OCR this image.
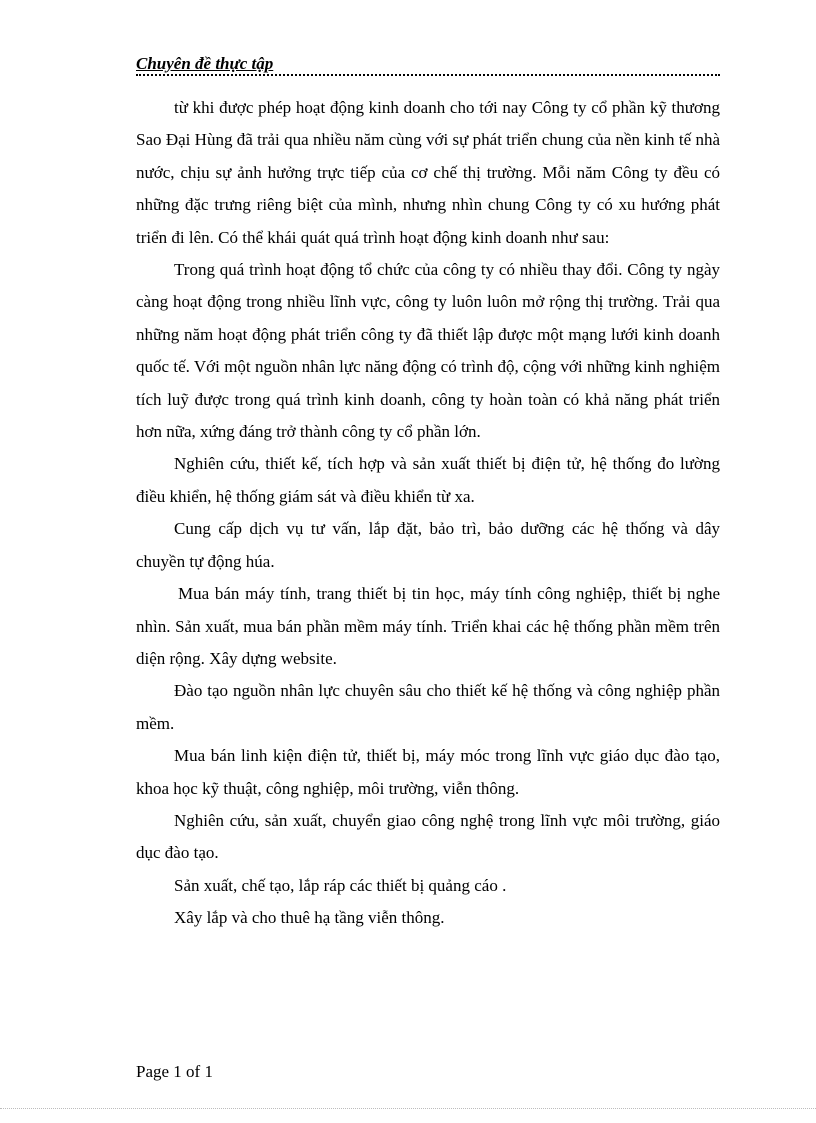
Chuyên đề thực tập

từ khi được phép hoạt động kinh doanh cho tới nay Công ty cổ phần kỹ thương Sao Đại Hùng đã trải qua nhiều năm cùng với sự phát triển chung của nền kinh tế nhà nước, chịu sự ảnh hưởng trực tiếp của cơ chế thị trường. Mỗi năm Công ty đều có những đặc trưng riêng biệt của mình, nhưng nhìn chung Công ty có xu hướng phát triển đi lên. Có thể khái quát quá trình hoạt động kinh doanh như sau:

Trong quá trình hoạt động tổ chức của công ty có nhiều thay đổi. Công ty ngày càng hoạt động trong nhiều lĩnh vực, công ty luôn luôn mở rộng thị trường. Trải qua những năm hoạt động phát triển công ty đã thiết lập được một mạng lưới kinh doanh quốc tế. Với một nguồn nhân lực năng động có trình độ, cộng với những kinh nghiệm tích luỹ được trong quá trình kinh doanh, công ty hoàn toàn có khả năng phát triển hơn nữa, xứng đáng trở thành công ty cổ phần lớn.

Nghiên cứu, thiết kế, tích hợp và sản xuất thiết bị điện tử, hệ thống đo lường điều khiển, hệ thống giám sát và điều khiển từ xa.

Cung cấp dịch vụ tư vấn, lắp đặt, bảo trì, bảo dưỡng các hệ thống và dây chuyền tự động húa.

Mua bán máy tính, trang thiết bị tin học, máy tính công nghiệp, thiết bị nghe nhìn. Sản xuất, mua bán phần mềm máy tính. Triển khai các hệ thống phần mềm trên diện rộng. Xây dựng website.

Đào tạo nguồn nhân lực chuyên sâu cho thiết kế hệ thống và công nghiệp phần mềm.

Mua bán linh kiện điện tử, thiết bị, máy móc trong lĩnh vực giáo dục đào tạo, khoa học kỹ thuật, công nghiệp, môi trường, viễn thông.

Nghiên cứu, sản xuất, chuyển giao công nghệ trong lĩnh vực môi trường, giáo dục đào tạo.

Sản xuất, chế tạo, lắp ráp các thiết bị quảng cáo .

Xây lắp và cho thuê hạ tầng viễn thông.

Page 1 of 1
